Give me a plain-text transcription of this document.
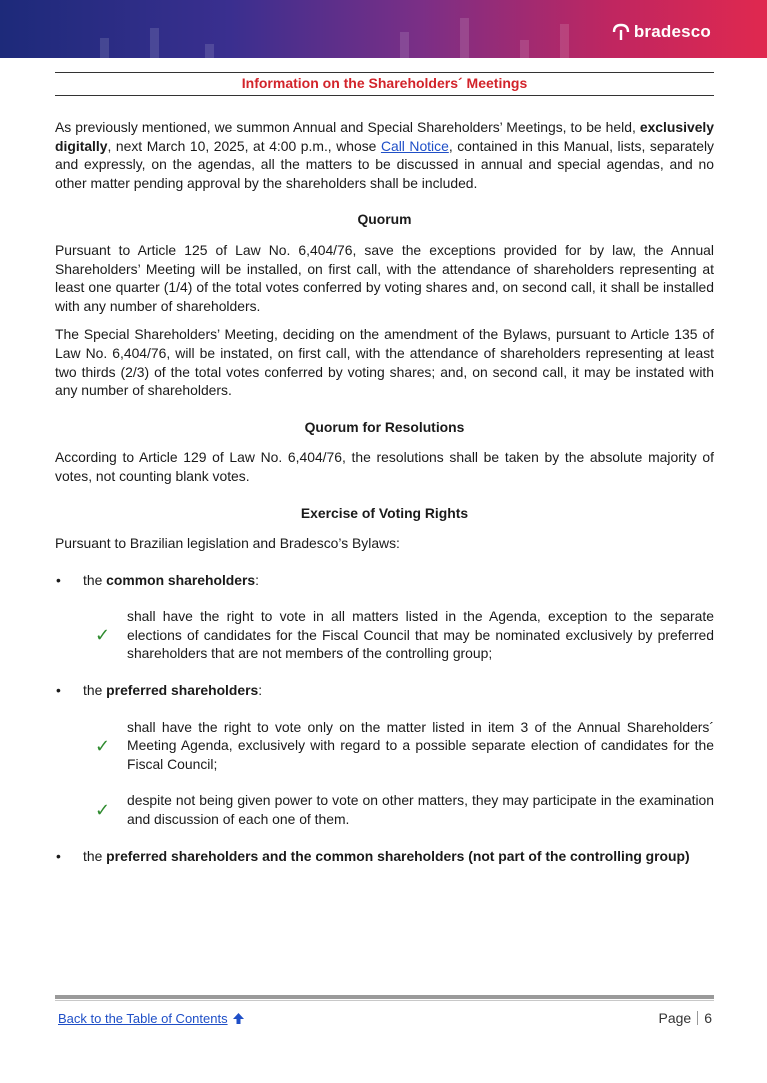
bradesco
Information on the Shareholders´ Meetings

As previously mentioned, we summon Annual and Special Shareholders’ Meetings, to be held, exclusively digitally, next March 10, 2025, at 4:00 p.m., whose Call Notice, contained in this Manual, lists, separately and expressly, on the agendas, all the matters to be discussed in annual and special agendas, and no other matter pending approval by the shareholders shall be included.

Quorum

Pursuant to Article 125 of Law No. 6,404/76, save the exceptions provided for by law, the Annual Shareholders’ Meeting will be installed, on first call, with the attendance of shareholders representing at least one quarter (1/4) of the total votes conferred by voting shares and, on second call, it shall be installed with any number of shareholders.

The Special Shareholders’ Meeting, deciding on the amendment of the Bylaws, pursuant to Article 135 of Law No. 6,404/76, will be instated, on first call, with the attendance of shareholders representing at least two thirds (2/3) of the total votes conferred by voting shares; and, on second call, it may be instated with any number of shareholders.

Quorum for Resolutions

According to Article 129 of Law No. 6,404/76, the resolutions shall be taken by the absolute majority of votes, not counting blank votes.

Exercise of Voting Rights

Pursuant to Brazilian legislation and Bradesco’s Bylaws:

• the common shareholders:
✓

shall have the right to vote in all matters listed in the Agenda, exception to the separate elections of candidates for the Fiscal Council that may be nominated exclusively by preferred shareholders that are not members of the controlling group;

• the preferred shareholders:
✓

shall have the right to vote only on the matter listed in item 3 of the Annual Shareholders´ Meeting Agenda, exclusively with regard to a possible separate election of candidates for the Fiscal Council;

✓ despite not being given power to vote on other matters, they may participate in the examination and discussion of each one of them.

• the preferred shareholders and the common shareholders (not part of the controlling group)

Back to the Table of Contents	Page 6
